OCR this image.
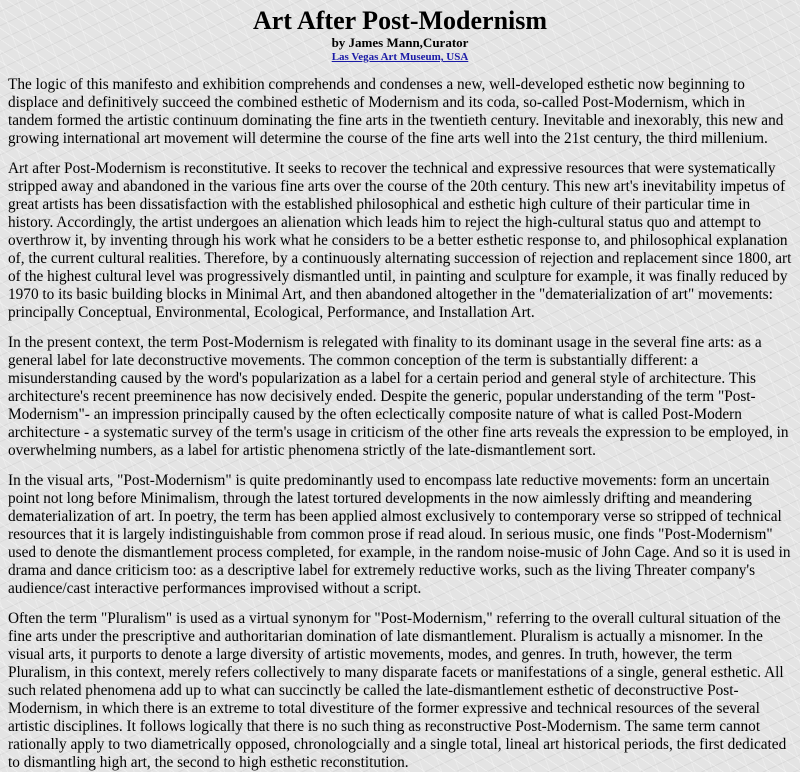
Art After Post-Modernism
by James Mann,Curator
Las Vegas Art Museum, USA

The logic of this manifesto and exhibition comprehends and condenses a new, well-developed esthetic now beginning to displace and definitively succeed the combined esthetic of Modernism and its coda, so-called Post-Modernism, which in tandem formed the artistic continuum dominating the fine arts in the twentieth century. Inevitable and inexorably, this new and growing international art movement will determine the course of the fine arts well into the 21st century, the third millenium.

Art after Post-Modernism is reconstitutive. It seeks to recover the technical and expressive resources that were systematically stripped away and abandoned in the various fine arts over the course of the 20th century. This new art's inevitability impetus of great artists has been dissatisfaction with the established philosophical and esthetic high culture of their particular time in history. Accordingly, the artist undergoes an alienation which leads him to reject the high-cultural status quo and attempt to overthrow it, by inventing through his work what he considers to be a better esthetic response to, and philosophical explanation of, the current cultural realities. Therefore, by a continuously alternating succession of rejection and replacement since 1800, art of the highest cultural level was progressively dismantled until, in painting and sculpture for example, it was finally reduced by 1970 to its basic building blocks in Minimal Art, and then abandoned altogether in the "dematerialization of art" movements: principally Conceptual, Environmental, Ecological, Performance, and Installation Art.

In the present context, the term Post-Modernism is relegated with finality to its dominant usage in the several fine arts: as a general label for late deconstructive movements. The common conception of the term is substantially different: a misunderstanding caused by the word's popularization as a label for a certain period and general style of architecture. This architecture's recent preeminence has now decisively ended. Despite the generic, popular understanding of the term "Post-Modernism"- an impression principally caused by the often eclectically composite nature of what is called Post-Modern architecture - a systematic survey of the term's usage in criticism of the other fine arts reveals the expression to be employed, in overwhelming numbers, as a label for artistic phenomena strictly of the late-dismantlement sort.

In the visual arts, "Post-Modernism" is quite predominantly used to encompass late reductive movements: form an uncertain point not long before Minimalism, through the latest tortured developments in the now aimlessly drifting and meandering dematerialization of art. In poetry, the term has been applied almost exclusively to contemporary verse so stripped of technical resources that it is largely indistinguishable from common prose if read aloud. In serious music, one finds "Post-Modernism" used to denote the dismantlement process completed, for example, in the random noise-music of John Cage. And so it is used in drama and dance criticism too: as a descriptive label for extremely reductive works, such as the living Threater company's audience/cast interactive performances improvised without a script.

Often the term "Pluralism" is used as a virtual synonym for "Post-Modernism," referring to the overall cultural situation of the fine arts under the prescriptive and authoritarian domination of late dismantlement. Pluralism is actually a misnomer. In the visual arts, it purports to denote a large diversity of artistic movements, modes, and genres. In truth, however, the term Pluralism, in this context, merely refers collectively to many disparate facets or manifestations of a single, general esthetic. All such related phenomena add up to what can succinctly be called the late-dismantlement esthetic of deconstructive Post-Modernism, in which there is an extreme to total divestiture of the former expressive and technical resources of the several artistic disciplines. It follows logically that there is no such thing as reconstructive Post-Modernism. The same term cannot rationally apply to two diametrically opposed, chronologcially and a single total, lineal art historical periods, the first dedicated to dismantling high art, the second to high esthetic reconstitution.
